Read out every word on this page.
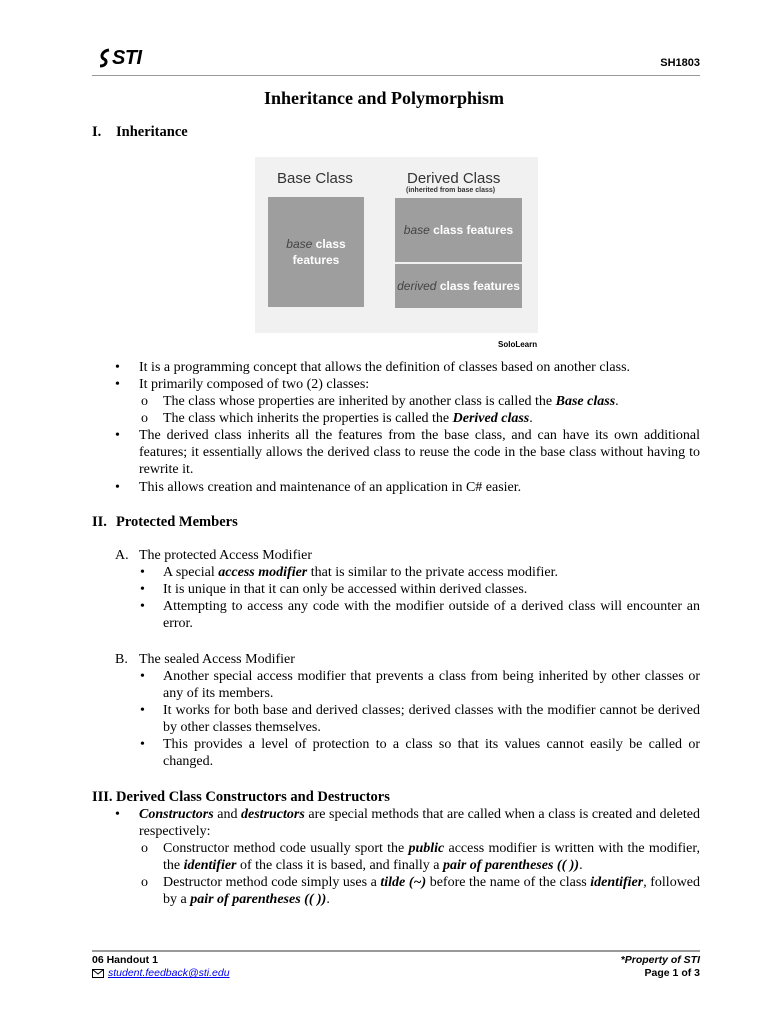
STI	SH1803
Inheritance and Polymorphism
I. Inheritance
Base Class	Derived Class
(inherited from base class)
base class features
base class features
derived class features
SoloLearn
• It is a programming concept that allows the definition of classes based on another class.
• It primarily composed of two (2) classes:
o The class whose properties are inherited by another class is called the Base class.
o The class which inherits the properties is called the Derived class.
• The derived class inherits all the features from the base class, and can have its own additional features; it essentially allows the derived class to reuse the code in the base class without having to rewrite it.
• This allows creation and maintenance of an application in C# easier.
II. Protected Members
A. The protected Access Modifier
• A special access modifier that is similar to the private access modifier.
• It is unique in that it can only be accessed within derived classes.
• Attempting to access any code with the modifier outside of a derived class will encounter an error.
B. The sealed Access Modifier
• Another special access modifier that prevents a class from being inherited by other classes or any of its members.
• It works for both base and derived classes; derived classes with the modifier cannot be derived by other classes themselves.
• This provides a level of protection to a class so that its values cannot easily be called or changed.
III. Derived Class Constructors and Destructors
• Constructors and destructors are special methods that are called when a class is created and deleted respectively:
o Constructor method code usually sport the public access modifier is written with the modifier, the identifier of the class it is based, and finally a pair of parentheses (( )).
o Destructor method code simply uses a tilde (~) before the name of the class identifier, followed by a pair of parentheses (( )).
06 Handout 1
student.feedback@sti.edu
*Property of STI
Page 1 of 3
